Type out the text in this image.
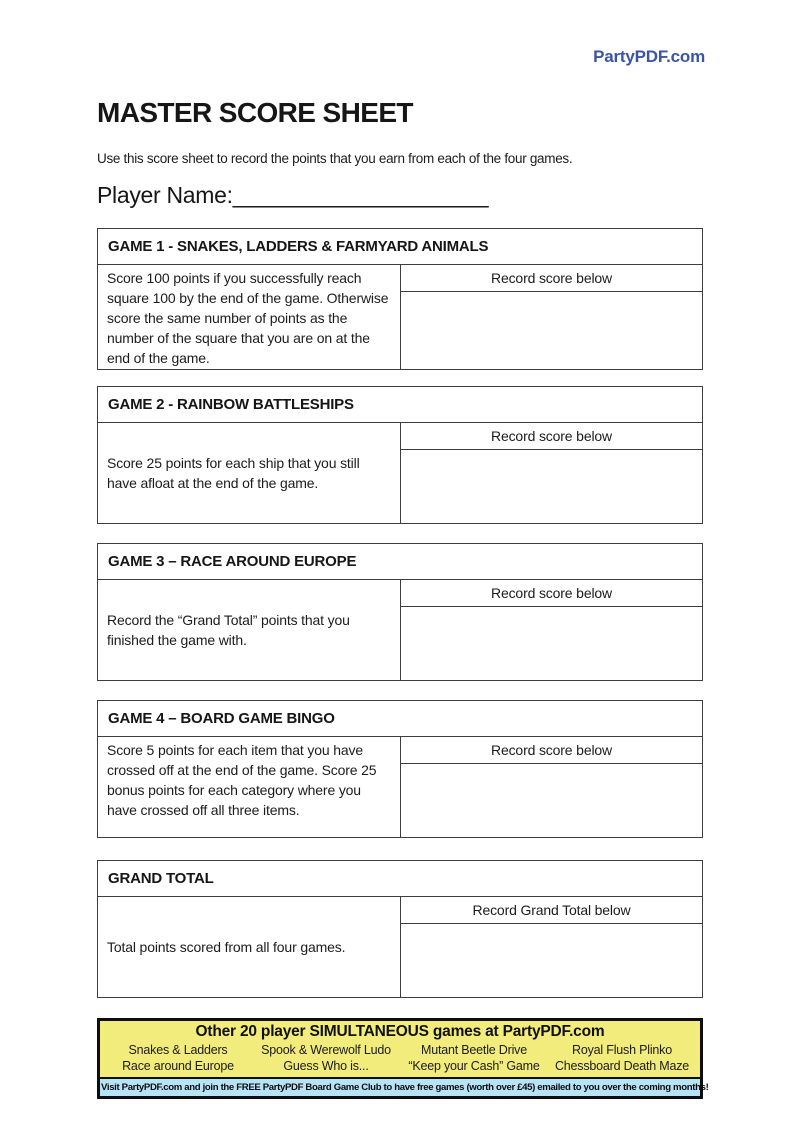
PartyPDF.com
MASTER SCORE SHEET
Use this score sheet to record the points that you earn from each of the four games.
Player Name:____________________
GAME 1 - SNAKES, LADDERS & FARMYARD ANIMALS
Score 100 points if you successfully reach square 100 by the end of the game. Otherwise score the same number of points as the number of the square that you are on at the end of the game.
Record score below
GAME 2 - RAINBOW BATTLESHIPS
Score 25 points for each ship that you still have afloat at the end of the game.
Record score below
GAME 3 – RACE AROUND EUROPE
Record the “Grand Total” points that you finished the game with.
Record score below
GAME 4 – BOARD GAME BINGO
Score 5 points for each item that you have crossed off at the end of the game. Score 25 bonus points for each category where you have crossed off all three items.
Record score below
GRAND TOTAL
Total points scored from all four games.
Record Grand Total below
Other 20 player SIMULTANEOUS games at PartyPDF.com
Snakes & Ladders	Spook & Werewolf Ludo	Mutant Beetle Drive	Royal Flush Plinko
Race around Europe	Guess Who is...	“Keep your Cash” Game	Chessboard Death Maze
Visit PartyPDF.com and join the FREE PartyPDF Board Game Club to have free games (worth over £45) emailed to you over the coming months!
